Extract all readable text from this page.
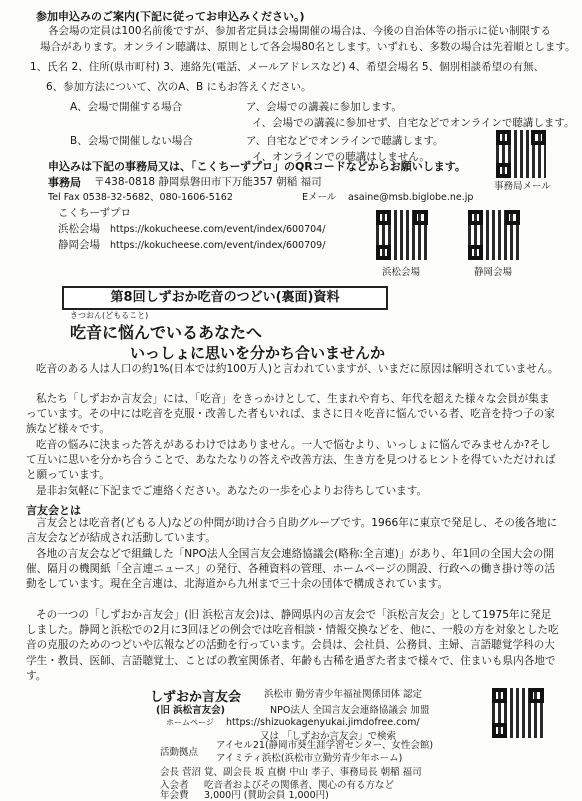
参加申込みのご案内(下記に従ってお申込みください。)
各会場の定員は100名前後ですが、参加者定員は会場開催の場合は、今後の自治体等の指示に従い制限する
場合があります。オンライン聴講は、原則として各会場80名とします。いずれも、多数の場合は先着順とします。
1、氏名 2、住所(県市町村) 3、連絡先(電話、メールアドレスなど) 4、希望会場名 5、個別相談希望の有無、
6、参加方法について、次のA、B にもお答えください。
A、会場で開催する場合	ア、会場での講義に参加します。
イ、会場での講義に参加せず、自宅などでオンラインで聴講します。
B、会場で開催しない場合	ア、自宅などでオンラインで聴講します。
イ、オンラインでの聴講はしません。
申込みは下記の事務局又は、「こくちーずプロ」のQRコードなどからお願いします。
事務局 〒438-0818 静岡県磐田市下万能357 朝稲 福司
Tel Fax 0538-32-5682、080-1606-5162	Eメール asaine@msb.biglobe.ne.jp
こくちーずプロ
浜松会場 https://kokucheese.com/event/index/600704/
静岡会場 https://kokucheese.com/event/index/600709/
事務局メール
浜松会場	静岡会場
第8回しずおか吃音のつどい(裏面)資料
きつおん(どもること)
吃音に悩んでいるあなたへ
いっしょに思いを分かち合いませんか
吃音のある人は人口の約1%(日本では約100万人)と言われていますが、いまだに原因は解明されていません。
私たち「しずおか言友会」には、「吃音」をきっかけとして、生まれや育ち、年代を超えた様々な会員が集まっています。その中には吃音を克服・改善した者もいれば、まさに日々吃音に悩んでいる者、吃音を持つ子の家族など様々です。
吃音の悩みに決まった答えがあるわけではありません。一人で悩むより、いっしょに悩んでみませんか?そして互いに思いを分かち合うことで、あなたなりの答えや改善方法、生き方を見つけるヒントを得ていただければと願っています。
是非お気軽に下記までご連絡ください。あなたの一歩を心よりお待ちしています。
言友会とは
言友会とは吃音者(どもる人)などの仲間が助け合う自助グループです。1966年に東京で発足し、その後各地に言友会などが結成され活動しています。
各地の言友会などで組織した「NPO法人全国言友会連絡協議会(略称:全言連)」があり、年1回の全国大会の開催、隔月の機関紙「全言連ニュース」の発行、各種資料の管理、ホームページの開設、行政への働き掛け等の活動をしています。現在全言連は、北海道から九州まで三十余の団体で構成されています。
その一つの「しずおか言友会」(旧 浜松言友会)は、静岡県内の言友会で「浜松言友会」として1975年に発足しました。静岡と浜松での2月に3回ほどの例会では吃音相談・情報交換などを、他に、一般の方を対象とした吃音の克服のためのつどいや広報などの活動を行っています。会員は、会社員、公務員、主婦、言語聴覚学科の大学生・教員、医師、言語聴覚士、ことばの教室関係者、年齢も古稀を過ぎた者まで様々で、住まいも県内各地です。
しずおか言友会 浜松市 勤労青少年福祉関係団体 認定
(旧 浜松言友会)	NPO法人 全国言友会連絡協議会 加盟
ホームページ https://shizuokagenyukai.jimdofree.com/
又は 「しずおか言友会」で検索
活動拠点
アイセル21(静岡市葵生涯学習センター、女性会館)
アイミティ浜松(浜松市立勤労青少年ホーム)
会長 菅沼 覚、副会長 坂 直樹 中山 孝子、事務局長 朝稲 福司
入会者 吃音者およびその関係者、関心の有る方など
年会費 3,000円 (賛助会員 1,000円)
